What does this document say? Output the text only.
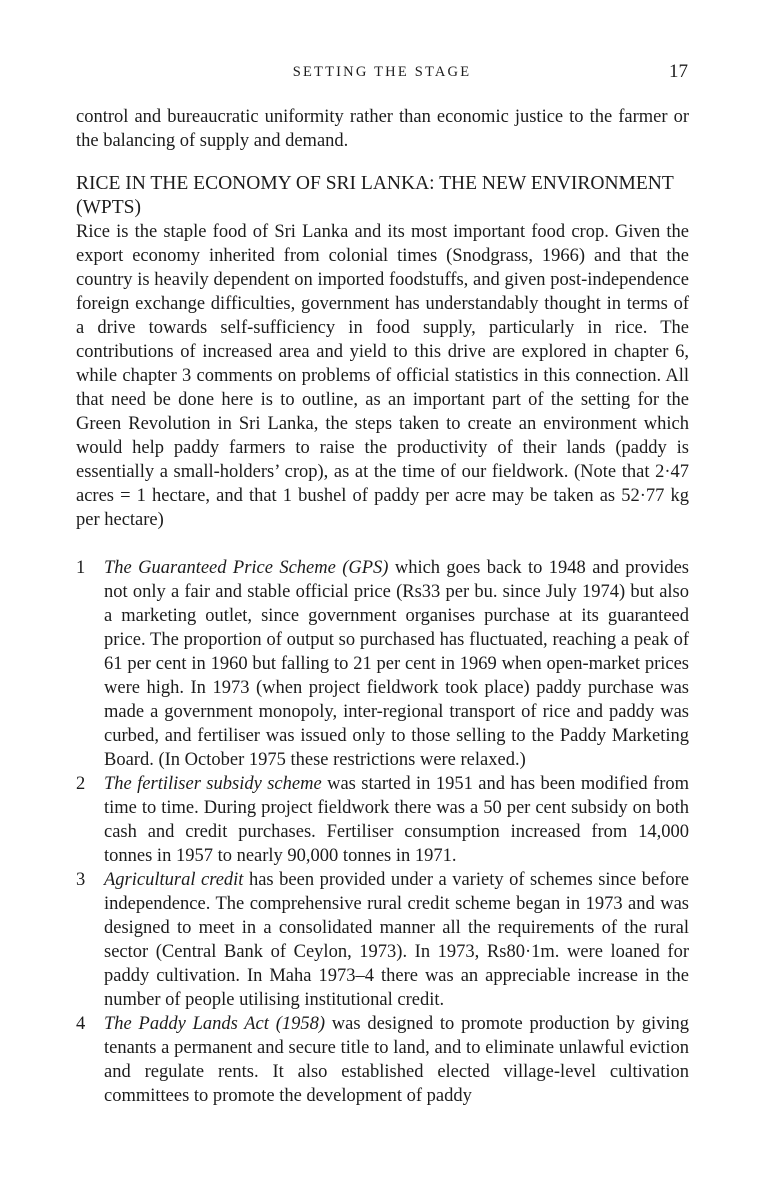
SETTING THE STAGE	17

control and bureaucratic uniformity rather than economic justice to the farmer or the balancing of supply and demand.

RICE IN THE ECONOMY OF SRI LANKA: THE NEW ENVIRONMENT (WPTS)

Rice is the staple food of Sri Lanka and its most important food crop. Given the export economy inherited from colonial times (Snodgrass, 1966) and that the country is heavily dependent on imported foodstuffs, and given post-independence foreign exchange difficulties, government has understandably thought in terms of a drive towards self-sufficiency in food supply, particularly in rice. The contributions of increased area and yield to this drive are explored in chapter 6, while chapter 3 comments on problems of official statistics in this connection. All that need be done here is to outline, as an important part of the setting for the Green Revolution in Sri Lanka, the steps taken to create an environment which would help paddy farmers to raise the productivity of their lands (paddy is essentially a small-holders’ crop), as at the time of our fieldwork. (Note that 2·47 acres = 1 hectare, and that 1 bushel of paddy per acre may be taken as 52·77 kg per hectare)

1 The Guaranteed Price Scheme (GPS) which goes back to 1948 and provides not only a fair and stable official price (Rs33 per bu. since July 1974) but also a marketing outlet, since government organises purchase at its guaranteed price. The proportion of output so purchased has fluctuated, reaching a peak of 61 per cent in 1960 but falling to 21 per cent in 1969 when open-market prices were high. In 1973 (when project fieldwork took place) paddy purchase was made a government monopoly, inter-regional transport of rice and paddy was curbed, and fertiliser was issued only to those selling to the Paddy Marketing Board. (In October 1975 these restrictions were relaxed.)
2 The fertiliser subsidy scheme was started in 1951 and has been modified from time to time. During project fieldwork there was a 50 per cent subsidy on both cash and credit purchases. Fertiliser consumption increased from 14,000 tonnes in 1957 to nearly 90,000 tonnes in 1971.
3 Agricultural credit has been provided under a variety of schemes since before independence. The comprehensive rural credit scheme began in 1973 and was designed to meet in a consolidated manner all the requirements of the rural sector (Central Bank of Ceylon, 1973). In 1973, Rs80·1m. were loaned for paddy cultivation. In Maha 1973–4 there was an appreciable increase in the number of people utilising institutional credit.
4 The Paddy Lands Act (1958) was designed to promote production by giving tenants a permanent and secure title to land, and to eliminate unlawful eviction and regulate rents. It also established elected village-level cultivation committees to promote the development of paddy
